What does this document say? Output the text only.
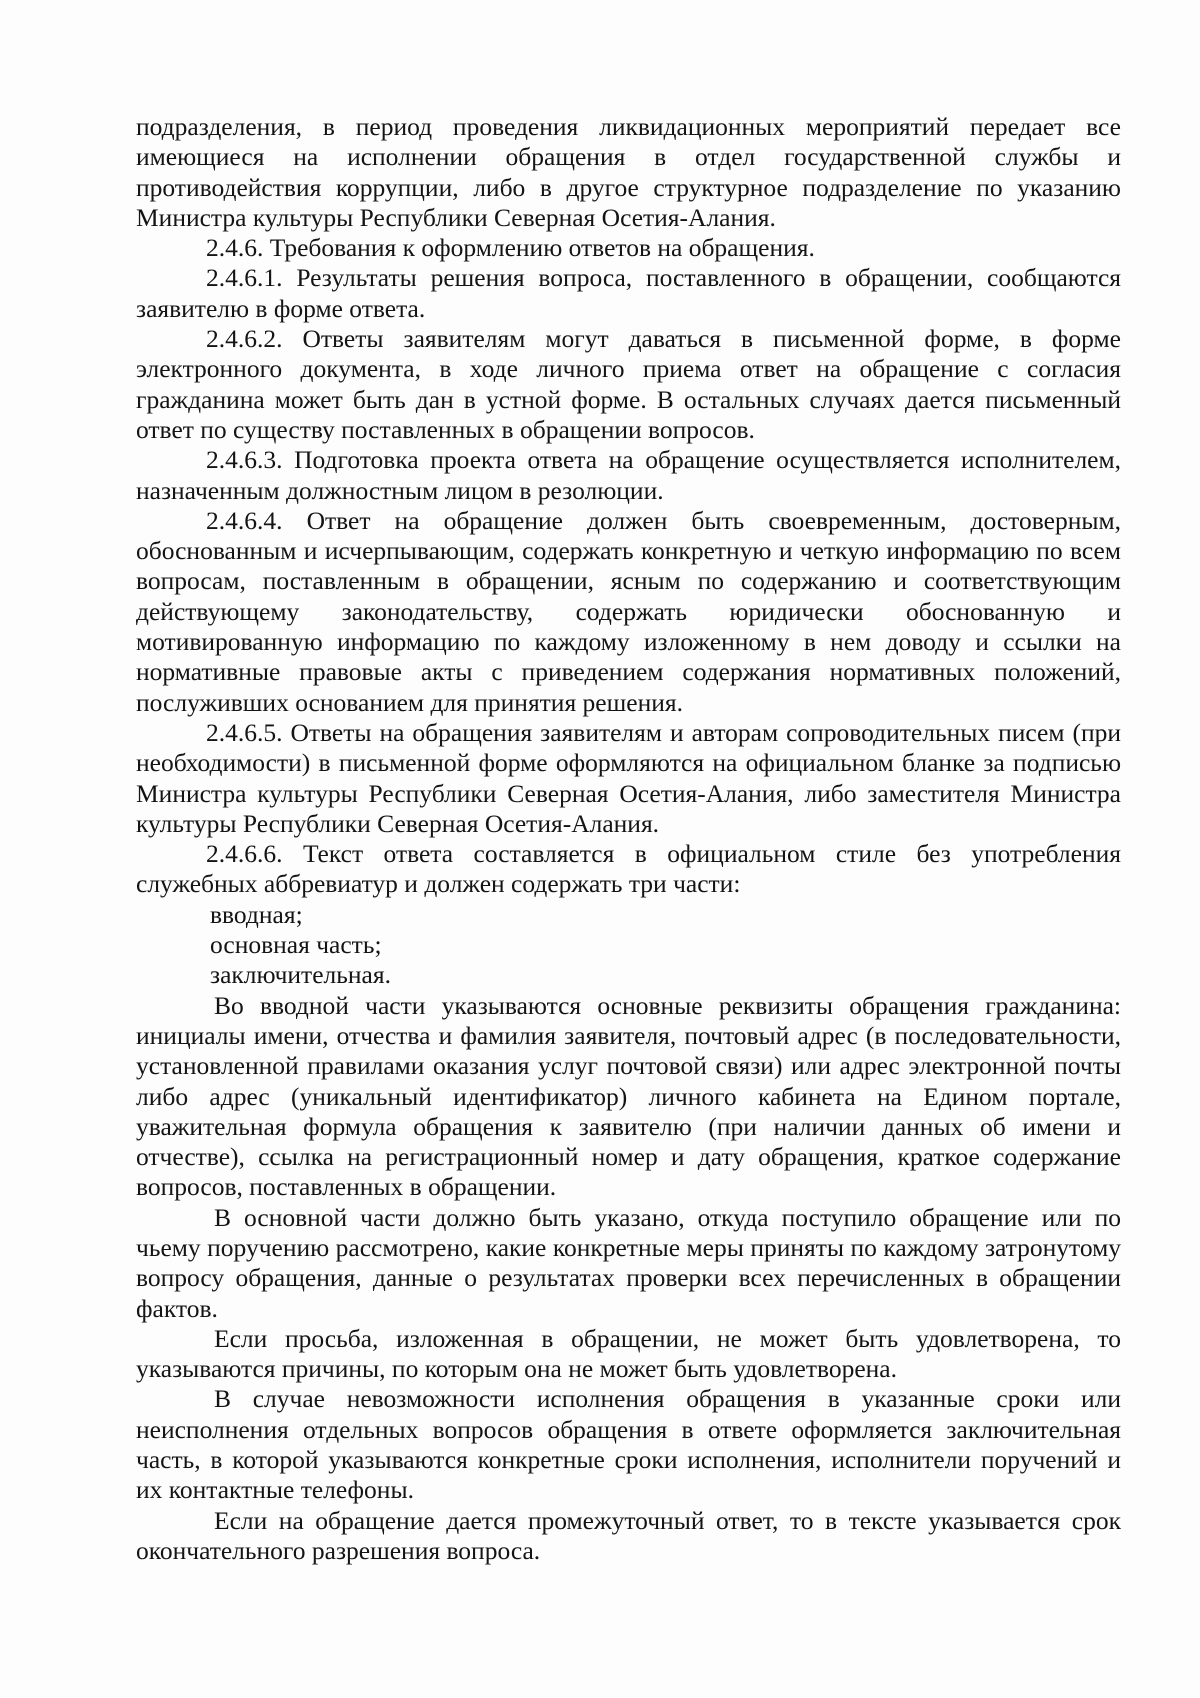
подразделения, в период проведения ликвидационных мероприятий передает все имеющиеся на исполнении обращения в отдел государственной службы и противодействия коррупции, либо в другое структурное подразделение по указанию Министра культуры Республики Северная Осетия-Алания.

2.4.6. Требования к оформлению ответов на обращения.

2.4.6.1. Результаты решения вопроса, поставленного в обращении, сообщаются заявителю в форме ответа.

2.4.6.2. Ответы заявителям могут даваться в письменной форме, в форме электронного документа, в ходе личного приема ответ на обращение с согласия гражданина может быть дан в устной форме. В остальных случаях дается письменный ответ по существу поставленных в обращении вопросов.

2.4.6.3. Подготовка проекта ответа на обращение осуществляется исполнителем, назначенным должностным лицом в резолюции.

2.4.6.4. Ответ на обращение должен быть своевременным, достоверным, обоснованным и исчерпывающим, содержать конкретную и четкую информацию по всем вопросам, поставленным в обращении, ясным по содержанию и соответствующим действующему законодательству, содержать юридически обоснованную и мотивированную информацию по каждому изложенному в нем доводу и ссылки на нормативные правовые акты с приведением содержания нормативных положений, послуживших основанием для принятия решения.

2.4.6.5. Ответы на обращения заявителям и авторам сопроводительных писем (при необходимости) в письменной форме оформляются на официальном бланке за подписью Министра культуры Республики Северная Осетия-Алания, либо заместителя Министра культуры Республики Северная Осетия-Алания.

2.4.6.6. Текст ответа составляется в официальном стиле без употребления служебных аббревиатур и должен содержать три части:

вводная;

основная часть;

заключительная.

Во вводной части указываются основные реквизиты обращения гражданина: инициалы имени, отчества и фамилия заявителя, почтовый адрес (в последовательности, установленной правилами оказания услуг почтовой связи) или адрес электронной почты либо адрес (уникальный идентификатор) личного кабинета на Едином портале, уважительная формула обращения к заявителю (при наличии данных об имени и отчестве), ссылка на регистрационный номер и дату обращения, краткое содержание вопросов, поставленных в обращении.

В основной части должно быть указано, откуда поступило обращение или по чьему поручению рассмотрено, какие конкретные меры приняты по каждому затронутому вопросу обращения, данные о результатах проверки всех перечисленных в обращении фактов.

Если просьба, изложенная в обращении, не может быть удовлетворена, то указываются причины, по которым она не может быть удовлетворена.

В случае невозможности исполнения обращения в указанные сроки или неисполнения отдельных вопросов обращения в ответе оформляется заключительная часть, в которой указываются конкретные сроки исполнения, исполнители поручений и их контактные телефоны.

Если на обращение дается промежуточный ответ, то в тексте указывается срок окончательного разрешения вопроса.
